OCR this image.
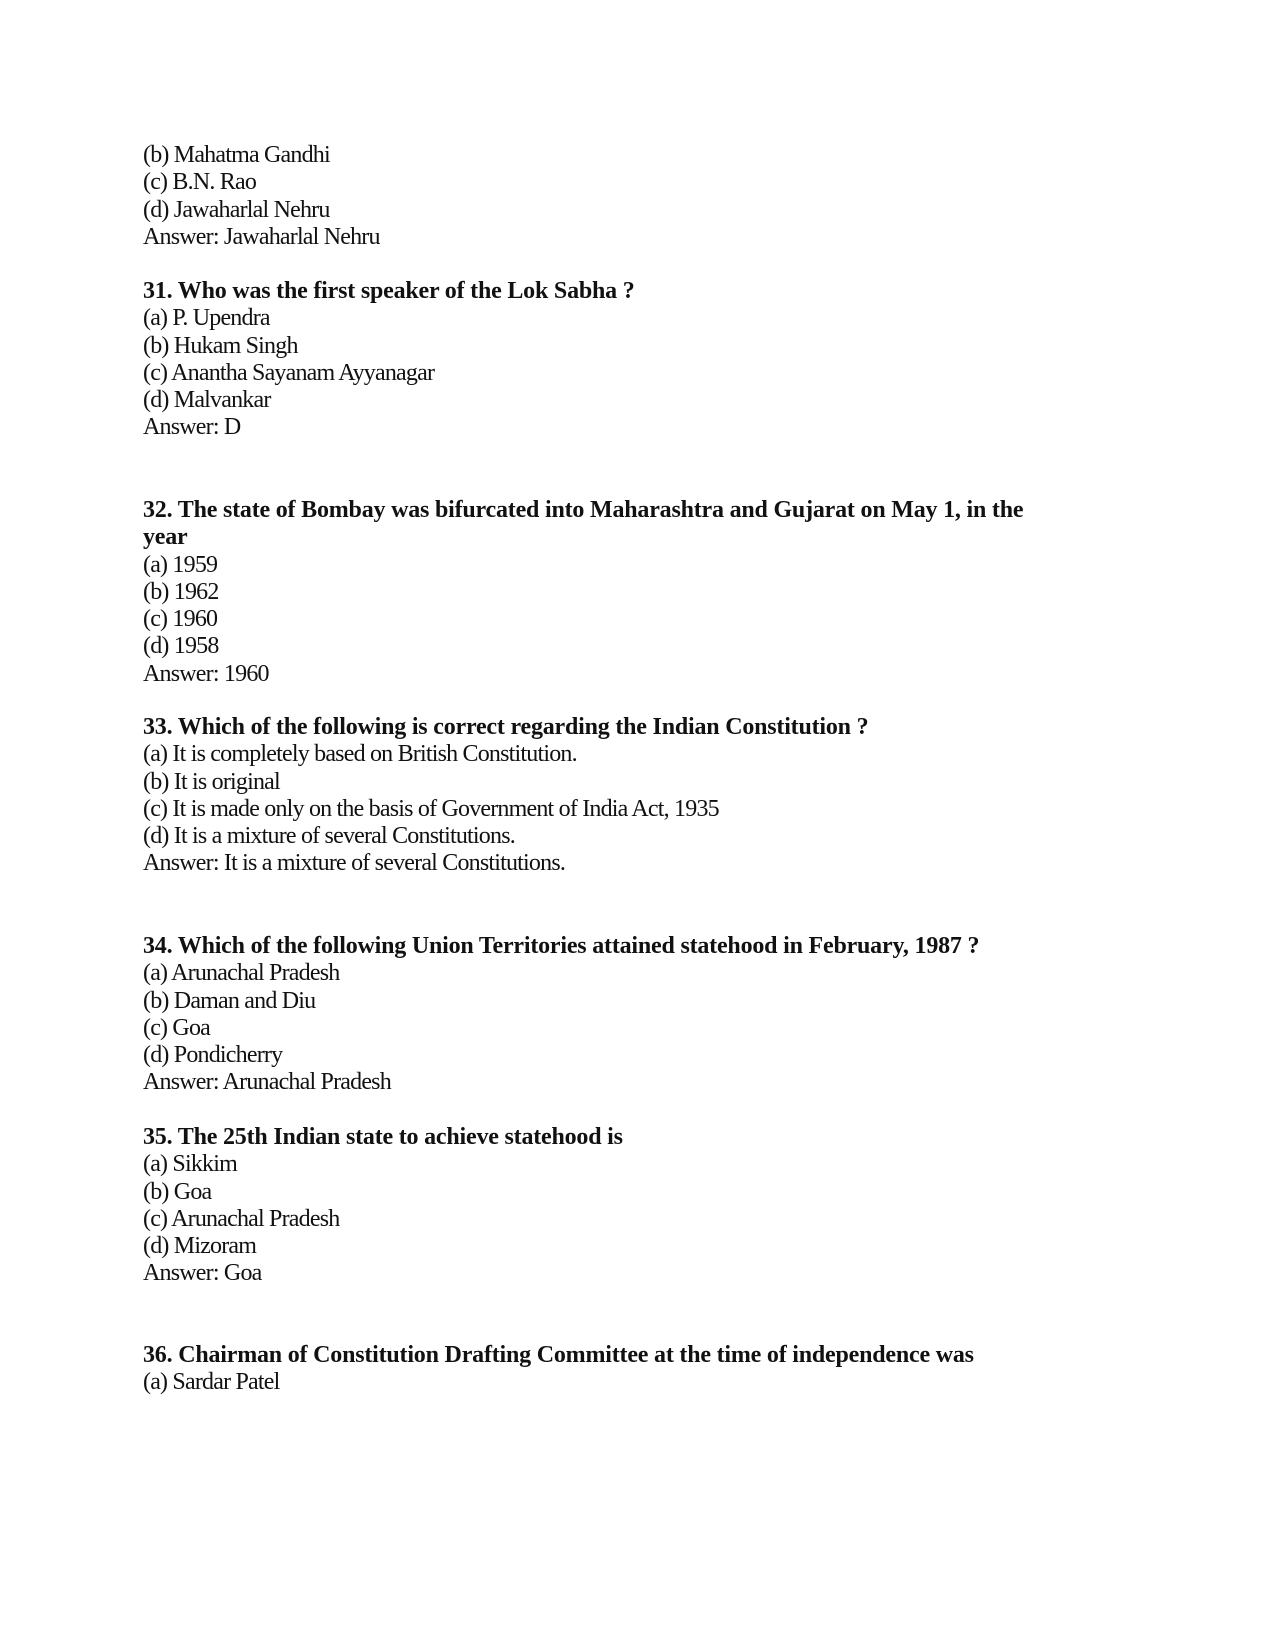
(b) Mahatma Gandhi
(c) B.N. Rao
(d) Jawaharlal Nehru
Answer: Jawaharlal Nehru
31. Who was the first speaker of the Lok Sabha ?
(a) P. Upendra
(b) Hukam Singh
(c) Anantha Sayanam Ayyanagar
(d) Malvankar
Answer: D
32. The state of Bombay was bifurcated into Maharashtra and Gujarat on May 1, in the year
(a) 1959
(b) 1962
(c) 1960
(d) 1958
Answer: 1960
33. Which of the following is correct regarding the Indian Constitution ?
(a) It is completely based on British Constitution.
(b) It is original
(c) It is made only on the basis of Government of India Act, 1935
(d) It is a mixture of several Constitutions.
Answer: It is a mixture of several Constitutions.
34. Which of the following Union Territories attained statehood in February, 1987 ?
(a) Arunachal Pradesh
(b) Daman and Diu
(c) Goa
(d) Pondicherry
Answer: Arunachal Pradesh
35. The 25th Indian state to achieve statehood is
(a) Sikkim
(b) Goa
(c) Arunachal Pradesh
(d) Mizoram
Answer: Goa
36. Chairman of Constitution Drafting Committee at the time of independence was
(a) Sardar Patel
